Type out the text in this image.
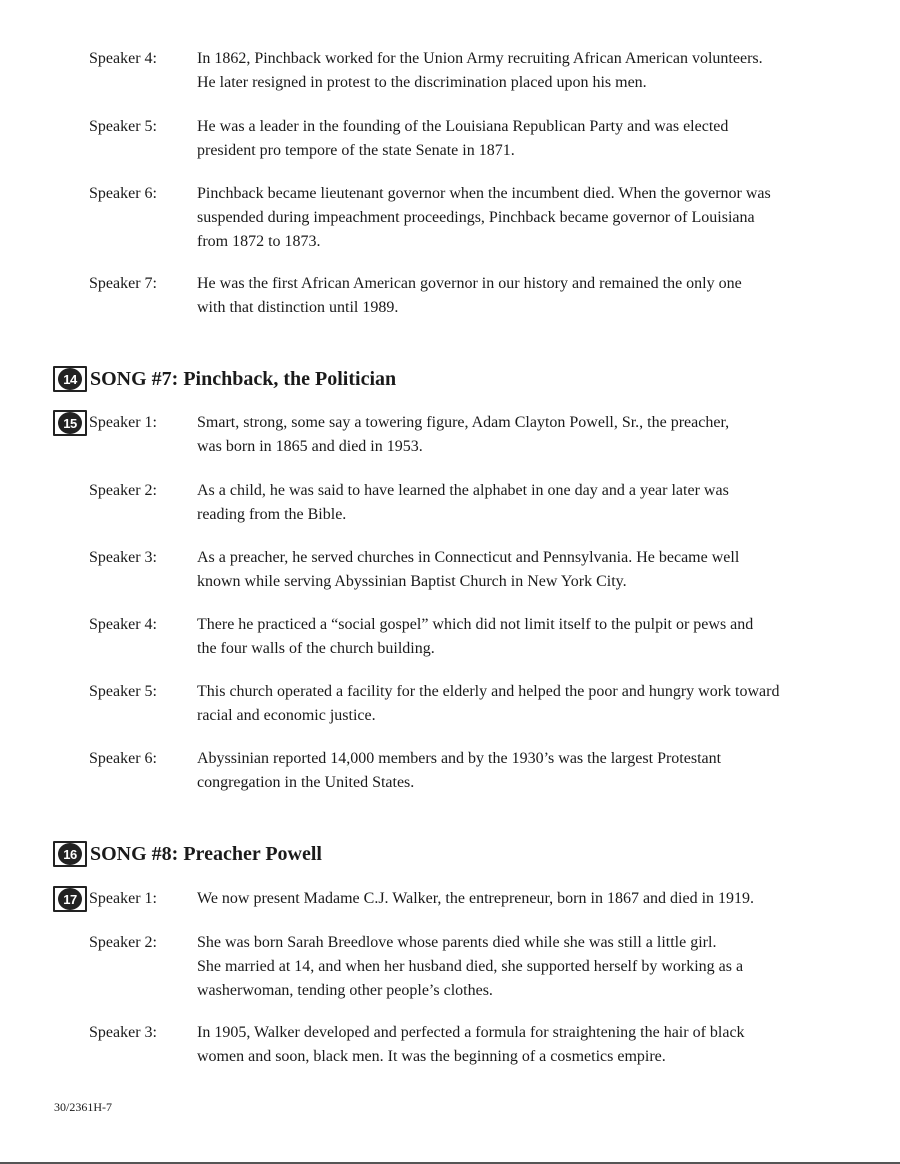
Speaker 4:	In 1862, Pinchback worked for the Union Army recruiting African American volunteers.
He later resigned in protest to the discrimination placed upon his men.
Speaker 5:	He was a leader in the founding of the Louisiana Republican Party and was elected
president pro tempore of the state Senate in 1871.
Speaker 6:	Pinchback became lieutenant governor when the incumbent died. When the governor was
suspended during impeachment proceedings, Pinchback became governor of Louisiana
from 1872 to 1873.
Speaker 7:	He was the first African American governor in our history and remained the only one
with that distinction until 1989.
14 SONG #7: Pinchback, the Politician
15 Speaker 1:	Smart, strong, some say a towering figure, Adam Clayton Powell, Sr., the preacher,
was born in 1865 and died in 1953.
Speaker 2:	As a child, he was said to have learned the alphabet in one day and a year later was
reading from the Bible.
Speaker 3:	As a preacher, he served churches in Connecticut and Pennsylvania. He became well
known while serving Abyssinian Baptist Church in New York City.
Speaker 4:	There he practiced a “social gospel” which did not limit itself to the pulpit or pews and
the four walls of the church building.
Speaker 5:	This church operated a facility for the elderly and helped the poor and hungry work toward
racial and economic justice.
Speaker 6:	Abyssinian reported 14,000 members and by the 1930’s was the largest Protestant
congregation in the United States.
16 SONG #8: Preacher Powell
17 Speaker 1:	We now present Madame C.J. Walker, the entrepreneur, born in 1867 and died in 1919.
Speaker 2:	She was born Sarah Breedlove whose parents died while she was still a little girl.
She married at 14, and when her husband died, she supported herself by working as a
washerwoman, tending other people’s clothes.
Speaker 3:	In 1905, Walker developed and perfected a formula for straightening the hair of black
women and soon, black men. It was the beginning of a cosmetics empire.
30/2361H-7
